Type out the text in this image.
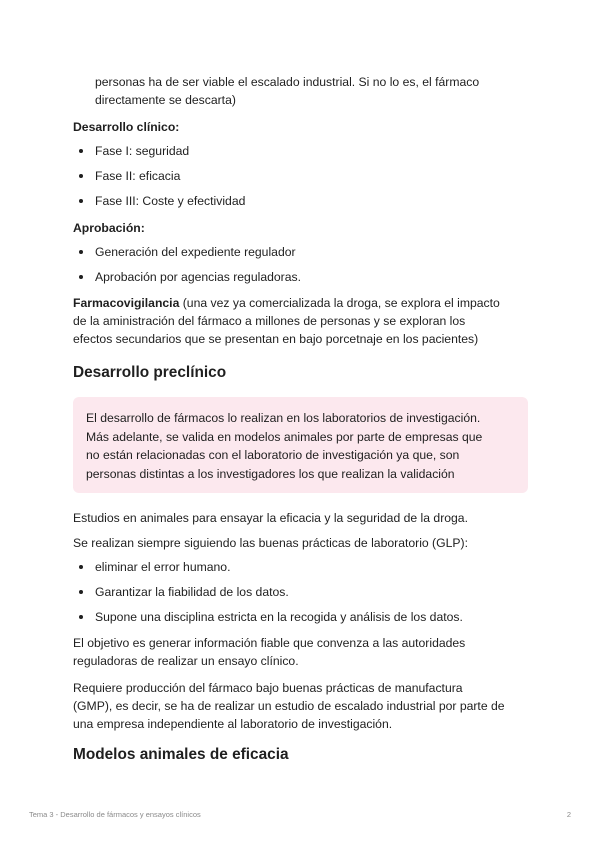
personas ha de ser viable el escalado industrial. Si no lo es, el fármaco

directamente se descarta)

Desarrollo clínico:

Fase I: seguridad
Fase II: eficacia
Fase III: Coste y efectividad

Aprobación:

Generación del expediente regulador
Aprobación por agencias reguladoras.

Farmacovigilancia (una vez ya comercializada la droga, se explora el impacto

de la aministración del fármaco a millones de personas y se exploran los

efectos secundarios que se presentan en bajo porcetnaje en los pacientes)

Desarrollo preclínico

El desarrollo de fármacos lo realizan en los laboratorios de investigación.

Más adelante, se valida en modelos animales por parte de empresas que

no están relacionadas con el laboratorio de investigación ya que, son

personas distintas a los investigadores los que realizan la validación

Estudios en animales para ensayar la eficacia y la seguridad de la droga.

Se realizan siempre siguiendo las buenas prácticas de laboratorio (GLP):

eliminar el error humano.
Garantizar la fiabilidad de los datos.
Supone una disciplina estricta en la recogida y análisis de los datos.

El objetivo es generar información fiable que convenza a las autoridades

reguladoras de realizar un ensayo clínico.

Requiere producción del fármaco bajo buenas prácticas de manufactura

(GMP), es decir, se ha de realizar un estudio de escalado industrial por parte de

una empresa independiente al laboratorio de investigación.

Modelos animales de eficacia

Tema 3 - Desarrollo de fármacos y ensayos clínicos	2
